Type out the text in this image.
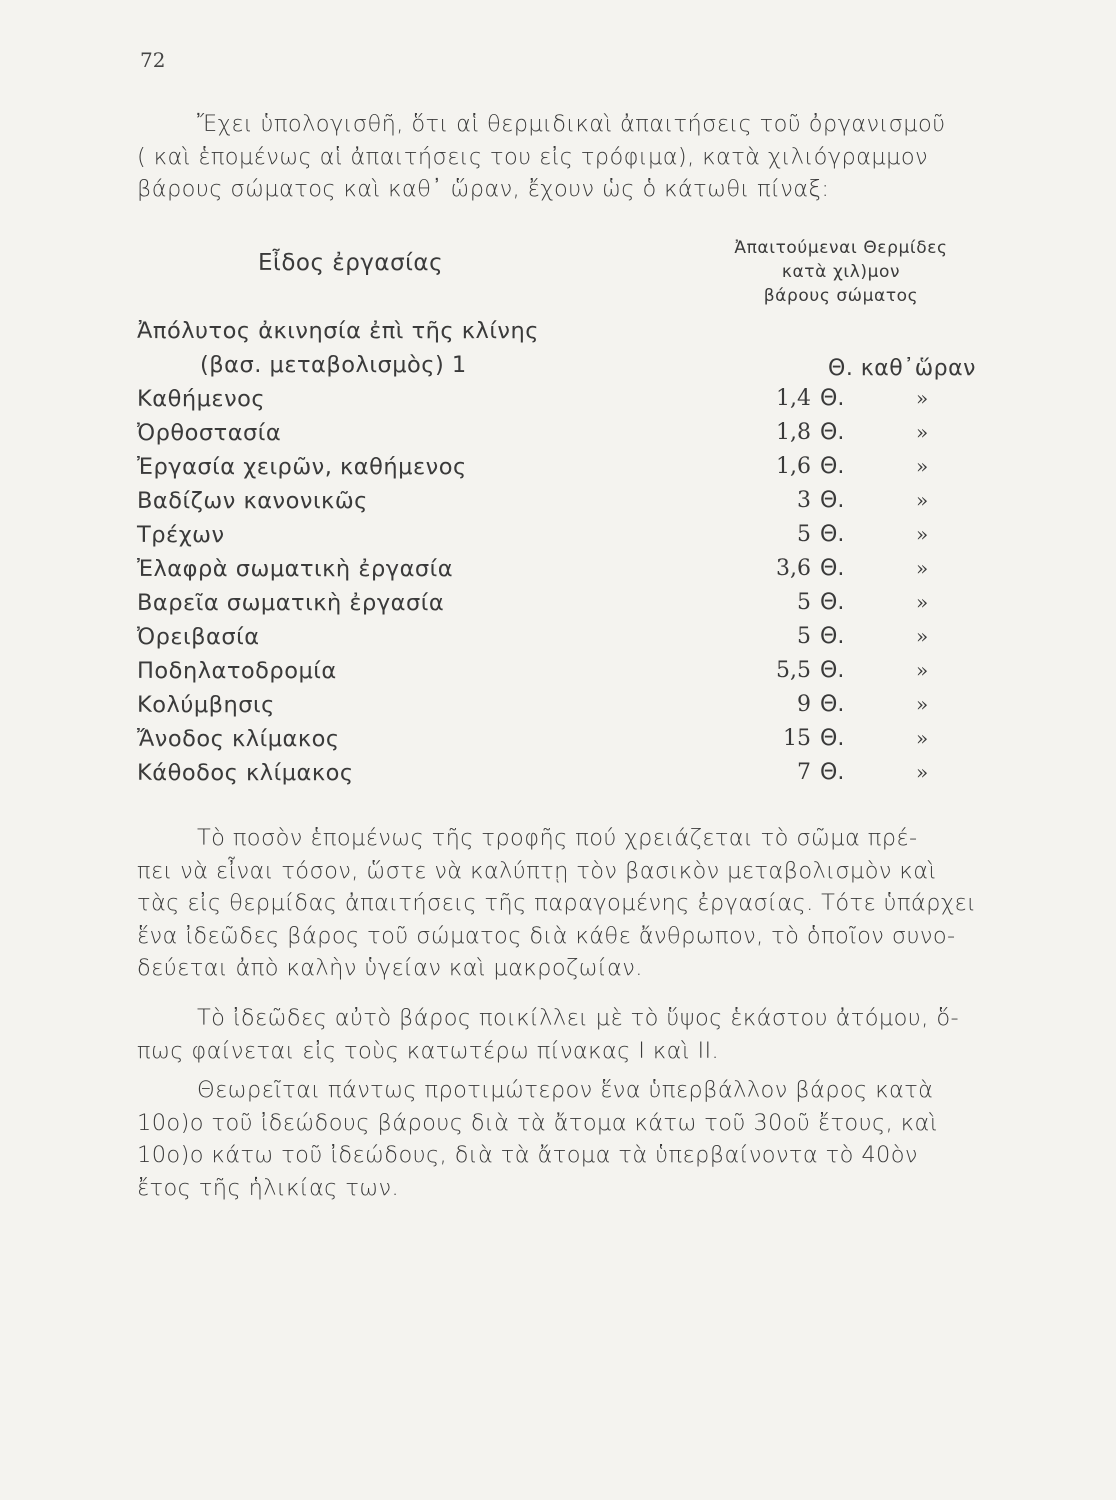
72
Ἔχει ὑπολογισθῆ, ὅτι αἱ θερμιδικαὶ ἀπαιτήσεις τοῦ ὀργανισμοῦ
( καὶ ἑπομένως αἱ ἀπαιτήσεις του εἰς τρόφιμα), κατὰ χιλιόγραμμον
βάρους σώματος καὶ καθ᾽ ὥραν, ἔχουν ὡς ὁ κάτωθι πίναξ:
Εἶδος ἐργασίας
Ἀπαιτούμεναι Θερμίδες
κατὰ χιλ)μον
βάρους σώματος
Ἀπόλυτος ἀκινησία ἐπὶ τῆς κλίνης
(βασ. μεταβολισμὸς) 1	Θ. καθ᾽ὥραν
Καθήμενος	1,4 Θ.	»
Ὀρθοστασία	1,8 Θ.	»
Ἐργασία χειρῶν, καθήμενος	1,6 Θ.	»
Βαδίζων κανονικῶς	3 Θ.	»
Τρέχων	5 Θ.	»
Ἐλαφρὰ σωματικὴ ἐργασία	3,6 Θ.	»
Βαρεῖα σωματικὴ ἐργασία	5 Θ.	»
Ὀρειβασία	5 Θ.	»
Ποδηλατοδρομία	5,5 Θ.	»
Κολύμβησις	9 Θ.	»
Ἄνοδος κλίμακος	15 Θ.	»
Κάθοδος κλίμακος	7 Θ.	»
Τὸ ποσὸν ἑπομένως τῆς τροφῆς πού χρειάζεται τὸ σῶμα πρέ-
πει νὰ εἶναι τόσον, ὥστε νὰ καλύπτῃ τὸν βασικὸν μεταβολισμὸν καὶ
τὰς εἰς θερμίδας ἀπαιτήσεις τῆς παραγομένης ἐργασίας. Τότε ὑπάρχει
ἕνα ἰδεῶδες βάρος τοῦ σώματος διὰ κάθε ἄνθρωπον, τὸ ὁποῖον συνο-
δεύεται ἀπὸ καλὴν ὑγείαν καὶ μακροζωίαν.
Τὸ ἰδεῶδες αὐτὸ βάρος ποικίλλει μὲ τὸ ὕψος ἑκάστου ἀτόμου, ὅ-
πως φαίνεται εἰς τοὺς κατωτέρω πίνακας Ι καὶ ΙΙ.
Θεωρεῖται πάντως προτιμώτερον ἕνα ὑπερβάλλον βάρος κατὰ
10ο)ο τοῦ ἰδεώδους βάρους διὰ τὰ ἄτομα κάτω τοῦ 30οῦ ἔτους, καὶ
10ο)ο κάτω τοῦ ἰδεώδους, διὰ τὰ ἄτομα τὰ ὑπερβαίνοντα τὸ 40ὸν
ἔτος τῆς ἡλικίας των.
